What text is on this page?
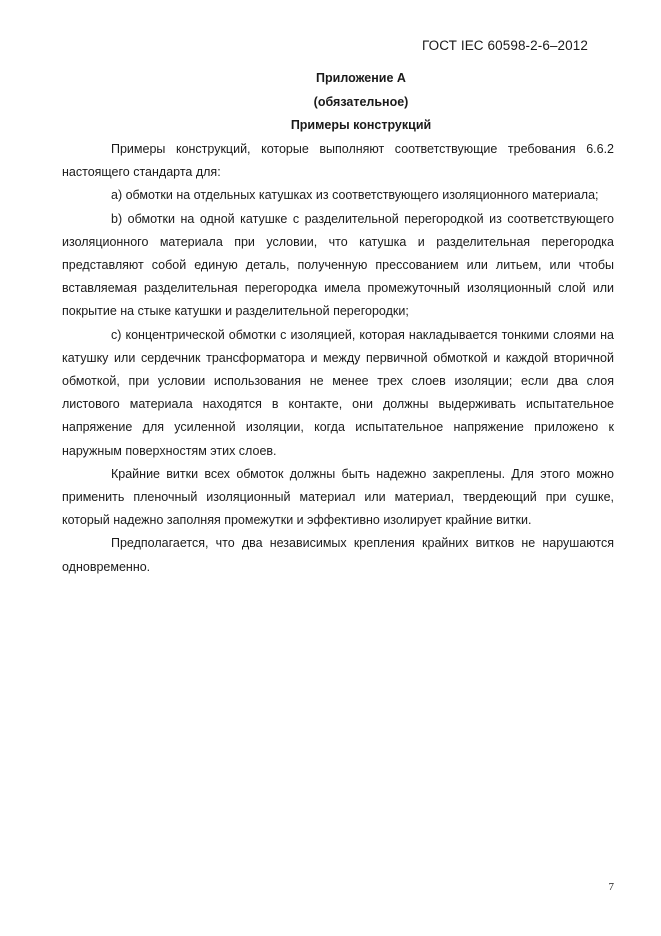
ГОСТ IEC 60598-2-6–2012
Приложение А
(обязательное)
Примеры конструкций

Примеры конструкций, которые выполняют соответствующие требования 6.6.2 настоящего стандарта для:

a) обмотки на отдельных катушках из соответствующего изоляционного материала;

b) обмотки на одной катушке с разделительной перегородкой из соответствующего изоляционного материала при условии, что катушка и разделительная перегородка представляют собой единую деталь, полученную прессованием или литьем, или чтобы вставляемая разделительная перегородка имела промежуточный изоляционный слой или покрытие на стыке катушки и разделительной перегородки;

c) концентрической обмотки с изоляцией, которая накладывается тонкими слоями на катушку или сердечник трансформатора и между первичной обмоткой и каждой вторичной обмоткой, при условии использования не менее трех слоев изоляции; если два слоя листового материала находятся в контакте, они должны выдерживать испытательное напряжение для усиленной изоляции, когда испытательное напряжение приложено к наружным поверхностям этих слоев.

Крайние витки всех обмоток должны быть надежно закреплены. Для этого можно применить пленочный изоляционный материал или материал, твердеющий при сушке, который надежно заполняя промежутки и эффективно изолирует крайние витки.

Предполагается, что два независимых крепления крайних витков не нарушаются одновременно.

7
